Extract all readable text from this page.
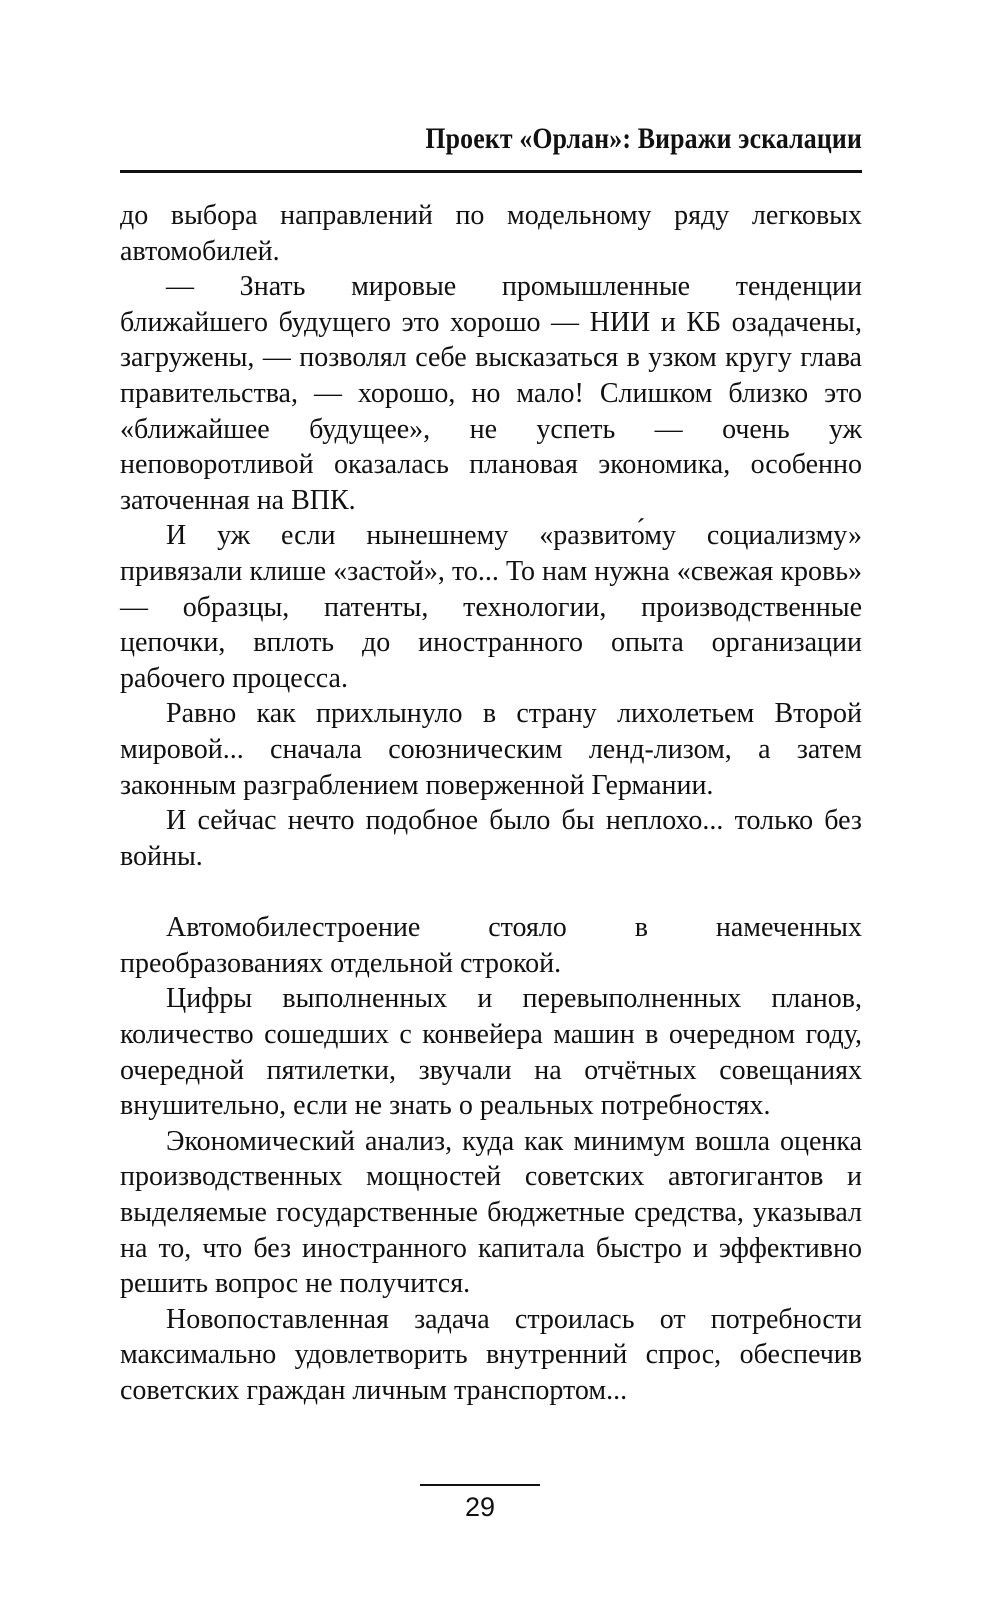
Проект «Орлан»: Виражи эскалации

до выбора направлений по модельному ряду легковых автомобилей.

— Знать мировые промышленные тенденции ближайшего будущего это хорошо — НИИ и КБ озадачены, загружены, — позволял себе высказаться в узком кругу глава правительства, — хорошо, но мало! Слишком близко это «ближайшее будущее», не успеть — очень уж неповоротливой оказалась плановая экономика, особенно заточенная на ВПК.

И уж если нынешнему «развито́му социализму» привязали клише «застой», то... То нам нужна «свежая кровь» — образцы, патенты, технологии, производственные цепочки, вплоть до иностранного опыта организации рабочего процесса.

Равно как прихлынуло в страну лихолетьем Второй мировой... сначала союзническим ленд-лизом, а затем законным разграблением поверженной Германии.

И сейчас нечто подобное было бы неплохо... только без войны.

Автомобилестроение стояло в намеченных преобразованиях отдельной строкой.

Цифры выполненных и перевыполненных планов, количество сошедших с конвейера машин в очередном году, очередной пятилетки, звучали на отчётных совещаниях внушительно, если не знать о реальных потребностях.

Экономический анализ, куда как минимум вошла оценка производственных мощностей советских автогигантов и выделяемые государственные бюджетные средства, указывал на то, что без иностранного капитала быстро и эффективно решить вопрос не получится.

Новопоставленная задача строилась от потребности максимально удовлетворить внутренний спрос, обеспечив советских граждан личным транспортом...

29
